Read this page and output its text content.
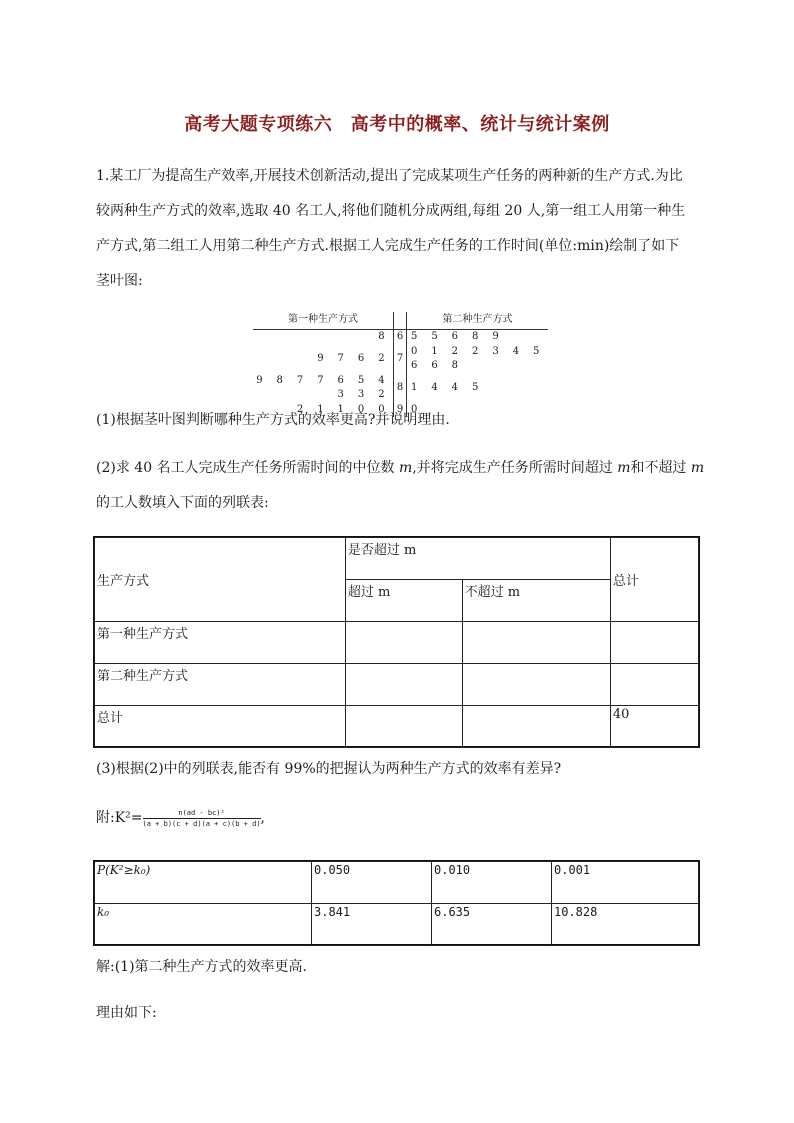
高考大题专项练六　高考中的概率、统计与统计案例
1.某工厂为提高生产效率,开展技术创新活动,提出了完成某项生产任务的两种新的生产方式.为比
较两种生产方式的效率,选取 40 名工人,将他们随机分成两组,每组 20 人,第一组工人用第一种生
产方式,第二组工人用第二种生产方式.根据工人完成生产任务的工作时间(单位:min)绘制了如下
茎叶图:
第一种生产方式		第二种生产方式
8	6	5 5 6 8 9
9 7 6 2	7	0 1 2 2 3 4 5 6 6 8
9 8 7 7 6 5 4 3 3 2	8	1 4 4 5
2 1 1 0 0	9	0
(1)根据茎叶图判断哪种生产方式的效率更高?并说明理由.
(2)求 40 名工人完成生产任务所需时间的中位数 m,并将完成生产任务所需时间超过 m和不超过 m
的工人数填入下面的列联表:
生产方式	是否超过 m		总计
	超过 m	不超过 m	
第一种生产方式			
第二种生产方式			
总计			40
(3)根据(2)中的列联表,能否有 99%的把握认为两种生产方式的效率有差异?
附:K²= $\frac{\text{n(ad - bc)²}}{(a + b)(c + d)(a + c)(b + d)}$ ,
P(K²≥k₀)	0.050	0.010	0.001
k₀	3.841	6.635	10.828
解:(1)第二种生产方式的效率更高.
理由如下:
